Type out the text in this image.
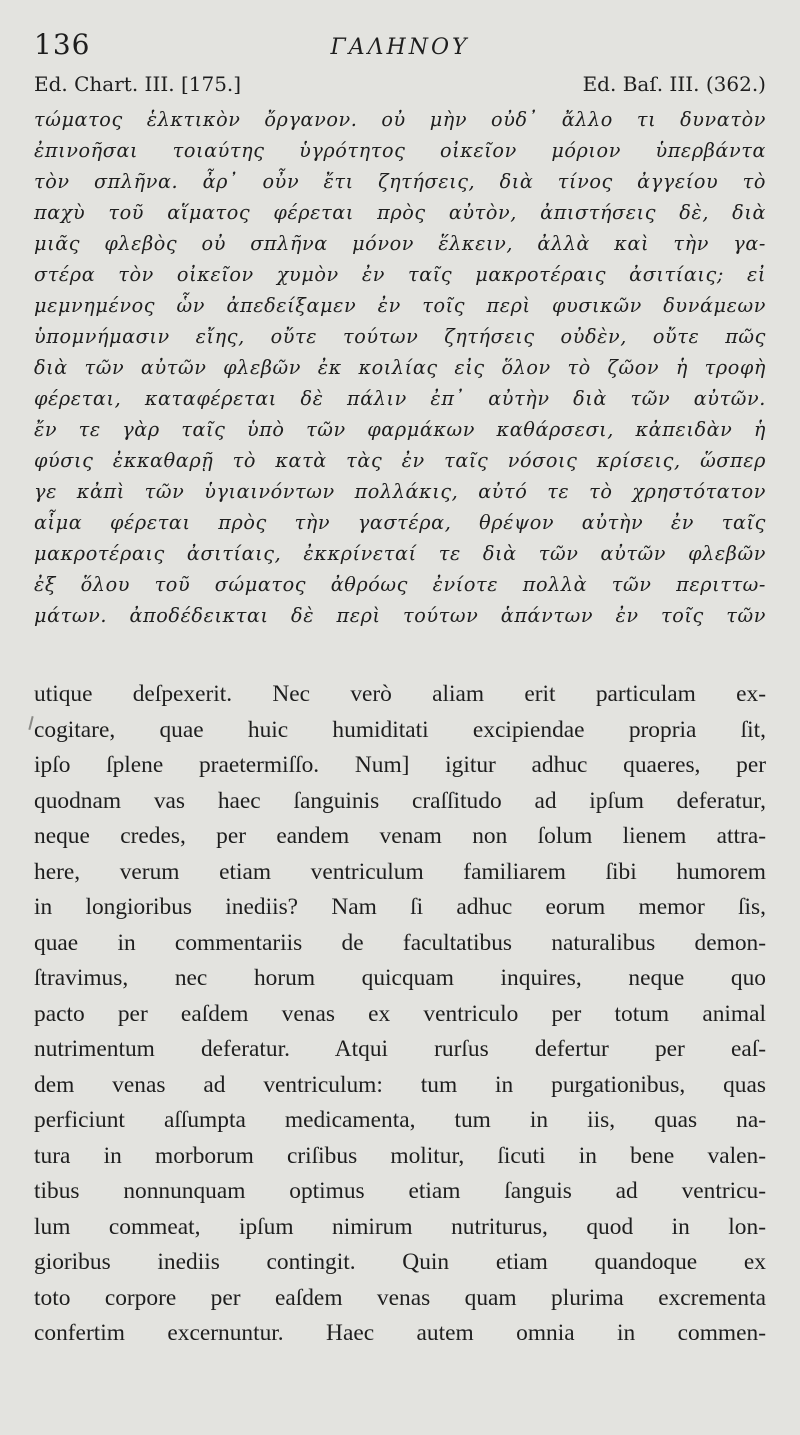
136	ΓΑΛΗΝΟΥ
Ed. Chart. III. [175.]	Ed. Baſ. III. (362.)
τώματος ἑλκτικὸν ὄργανον. οὐ μὴν οὐδ᾽ ἄλλο τι δυνατὸν
ἐπινοῆσαι τοιαύτης ὑγρότητος οἰκεῖον μόριον ὑπερβάντα
τὸν σπλῆνα. ἆρ᾽ οὖν ἔτι ζητήσεις, διὰ τίνος ἀγγείου τὸ
παχὺ τοῦ αἵματος φέρεται πρὸς αὐτὸν, ἀπιστήσεις δὲ, διὰ
μιᾶς φλεβὸς οὐ σπλῆνα μόνον ἕλκειν, ἀλλὰ καὶ τὴν γα-
στέρα τὸν οἰκεῖον χυμὸν ἐν ταῖς μακροτέραις ἀσιτίαις; εἰ
μεμνημένος ὧν ἀπεδείξαμεν ἐν τοῖς περὶ φυσικῶν δυνάμεων
ὑπομνήμασιν εἴης, οὔτε τούτων ζητήσεις οὐδὲν, οὔτε πῶς
διὰ τῶν αὐτῶν φλεβῶν ἐκ κοιλίας εἰς ὅλον τὸ ζῶον ἡ τροφὴ
φέρεται, καταφέρεται δὲ πάλιν ἐπ᾽ αὐτὴν διὰ τῶν αὐτῶν.
ἔν τε γὰρ ταῖς ὑπὸ τῶν φαρμάκων καθάρσεσι, κἀπειδὰν ἡ
φύσις ἐκκαθαρῇ τὸ κατὰ τὰς ἐν ταῖς νόσοις κρίσεις, ὥσπερ
γε κἀπὶ τῶν ὑγιαινόντων πολλάκις, αὐτό τε τὸ χρηστότατον
αἷμα φέρεται πρὸς τὴν γαστέρα, θρέψον αὐτὴν ἐν ταῖς
μακροτέραις ἀσιτίαις, ἐκκρίνεταί τε διὰ τῶν αὐτῶν φλεβῶν
ἐξ ὅλου τοῦ σώματος ἀθρόως ἐνίοτε πολλὰ τῶν περιττω-
μάτων. ἀποδέδεικται δὲ περὶ τούτων ἁπάντων ἐν τοῖς τῶν
utique deſpexerit. Nec verò aliam erit particulam ex-
cogitare, quae huic humiditati excipiendae propria ſit,
ipſo ſplene praetermiſſo. Num] igitur adhuc quaeres, per
quodnam vas haec ſanguinis craſſitudo ad ipſum deferatur,
neque credes, per eandem venam non ſolum lienem attra-
here, verum etiam ventriculum familiarem ſibi humorem
in longioribus inediis? Nam ſi adhuc eorum memor ſis,
quae in commentariis de facultatibus naturalibus demon-
ſtravimus, nec horum quicquam inquires, neque quo
pacto per eaſdem venas ex ventriculo per totum animal
nutrimentum deferatur. Atqui rurſus defertur per eaſ-
dem venas ad ventriculum: tum in purgationibus, quas
perficiunt aſſumpta medicamenta, tum in iis, quas na-
tura in morborum criſibus molitur, ſicuti in bene valen-
tibus nonnunquam optimus etiam ſanguis ad ventricu-
lum commeat, ipſum nimirum nutriturus, quod in lon-
gioribus inediis contingit. Quin etiam quandoque ex
toto corpore per eaſdem venas quam plurima excrementa
confertim excernuntur. Haec autem omnia in commen-
